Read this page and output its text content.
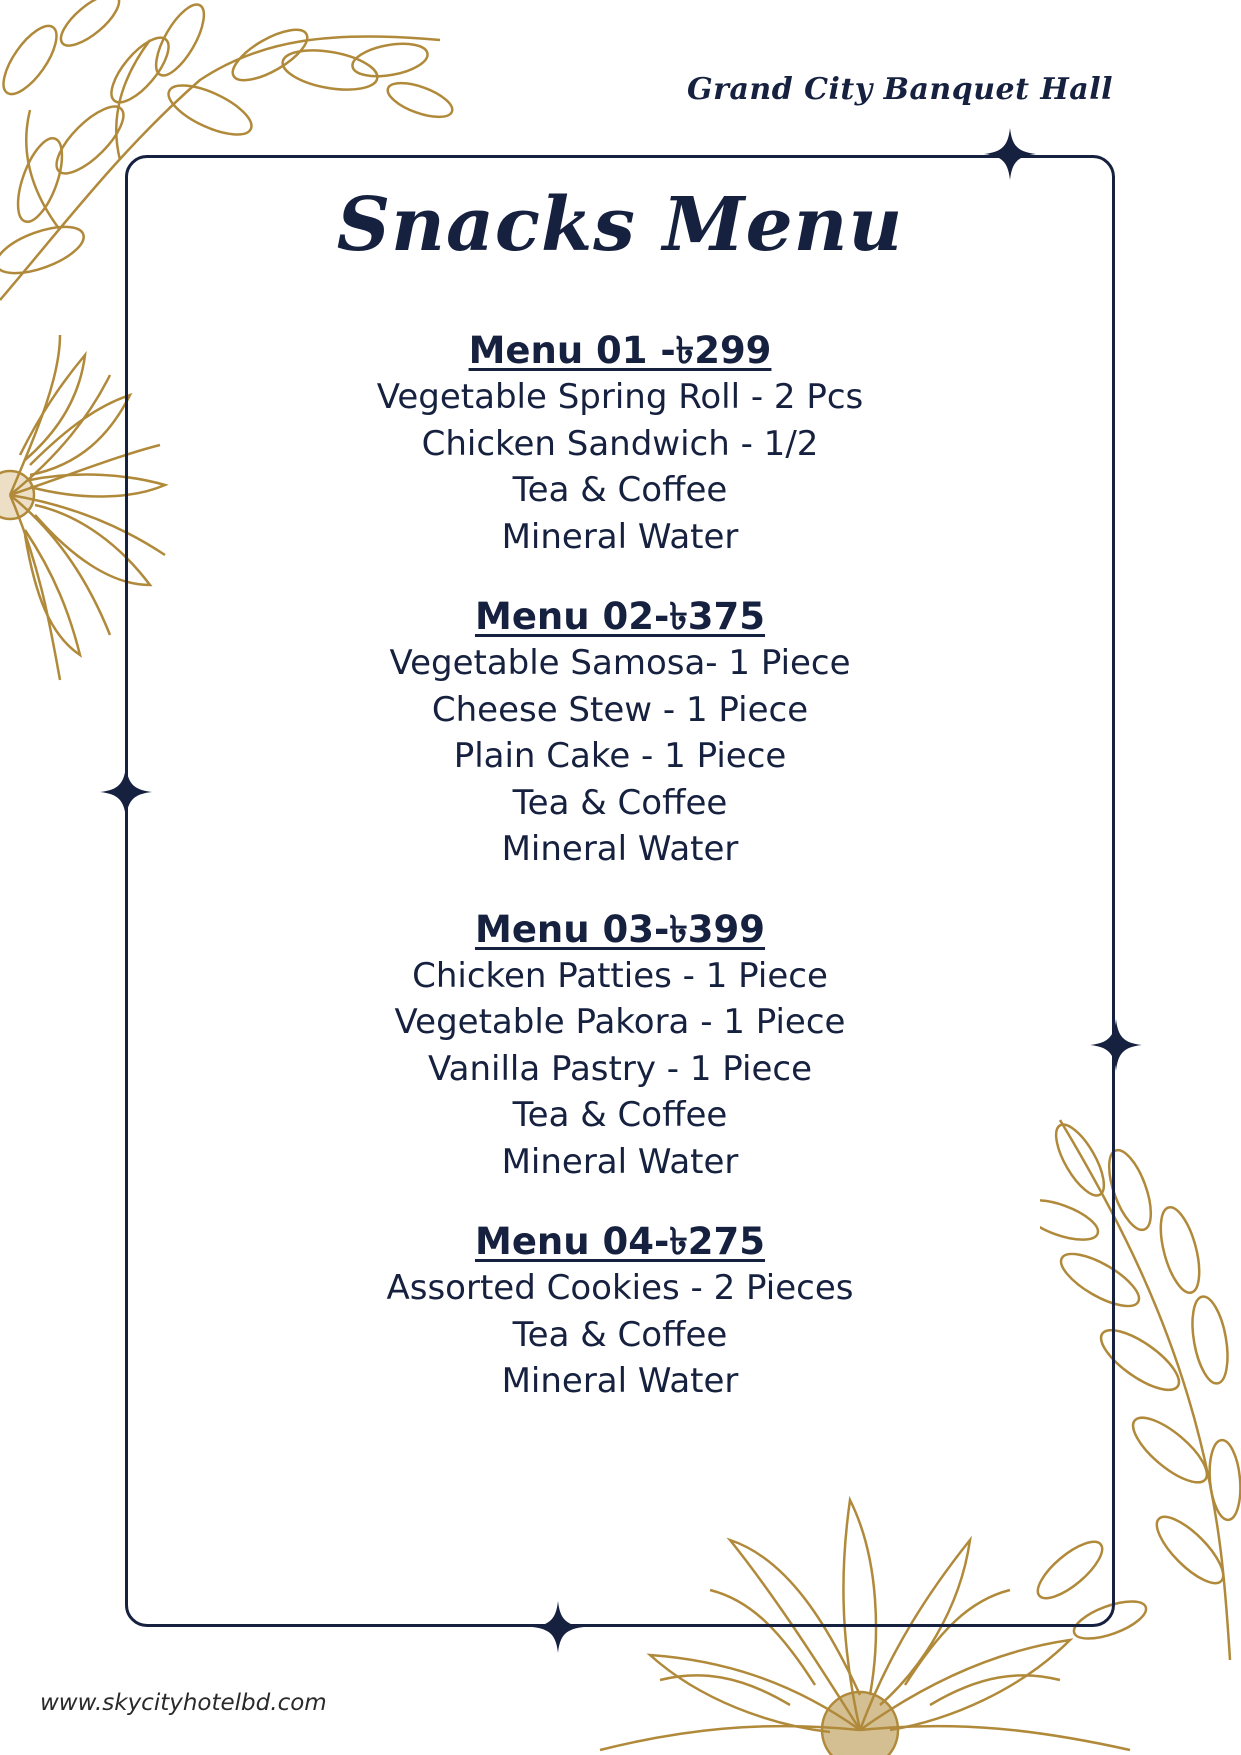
Grand City Banquet Hall
Snacks Menu
Menu 01 -৳299
Vegetable Spring Roll - 2 Pcs
Chicken Sandwich - 1/2
Tea & Coffee
Mineral Water
Menu 02-৳375
Vegetable Samosa- 1 Piece
Cheese Stew - 1 Piece
Plain Cake - 1 Piece
Tea & Coffee
Mineral Water
Menu 03-৳399
Chicken Patties - 1 Piece
Vegetable Pakora - 1 Piece
Vanilla Pastry - 1 Piece
Tea & Coffee
Mineral Water
Menu 04-৳275
Assorted Cookies - 2 Pieces
Tea & Coffee
Mineral Water
www.skycityhotelbd.com
